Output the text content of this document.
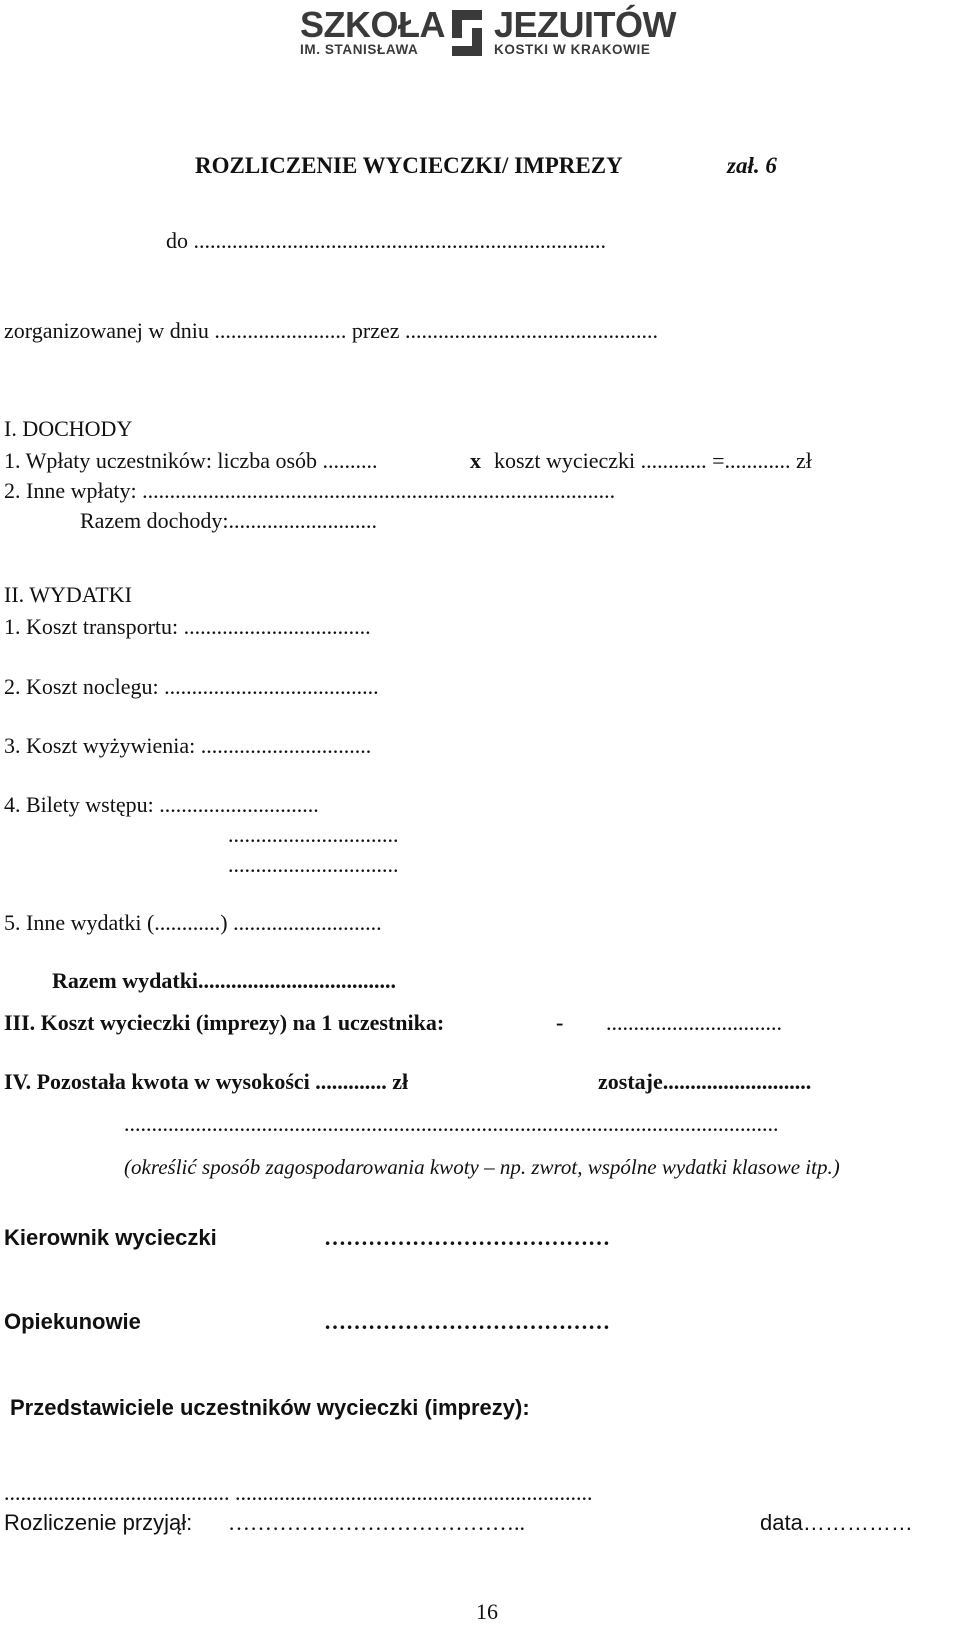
SZKOŁA JEZUITÓW
IM. STANISŁAWA	KOSTKI W KRAKOWIE
ROZLICZENIE WYCIECZKI/ IMPREZY	zał. 6
do ...........................................................................
zorganizowanej w dniu ........................ przez ..............................................
I. DOCHODY
1. Wpłaty uczestników: liczba osób ..........	x koszt wycieczki ............ =............ zł
2. Inne wpłaty: ......................................................................................
Razem dochody:...........................
II. WYDATKI
1. Koszt transportu: ..................................
2. Koszt noclegu: .......................................
3. Koszt wyżywienia: ...............................
4. Bilety wstępu: .............................
...............................
...............................
5. Inne wydatki (............) ...........................
Razem wydatki....................................
III. Koszt wycieczki (imprezy) na 1 uczestnika:	- ................................
IV. Pozostała kwota w wysokości ............. zł	zostaje...........................
.......................................................................................................................
(określić sposób zagospodarowania kwoty – np. zwrot, wspólne wydatki klasowe itp.)
Kierownik wycieczki	…………………………………
Opiekunowie	…………………………………
Przedstawiciele uczestników wycieczki (imprezy):
......................................... .................................................................
Rozliczenie przyjął: …………………………………..	data……………
16
